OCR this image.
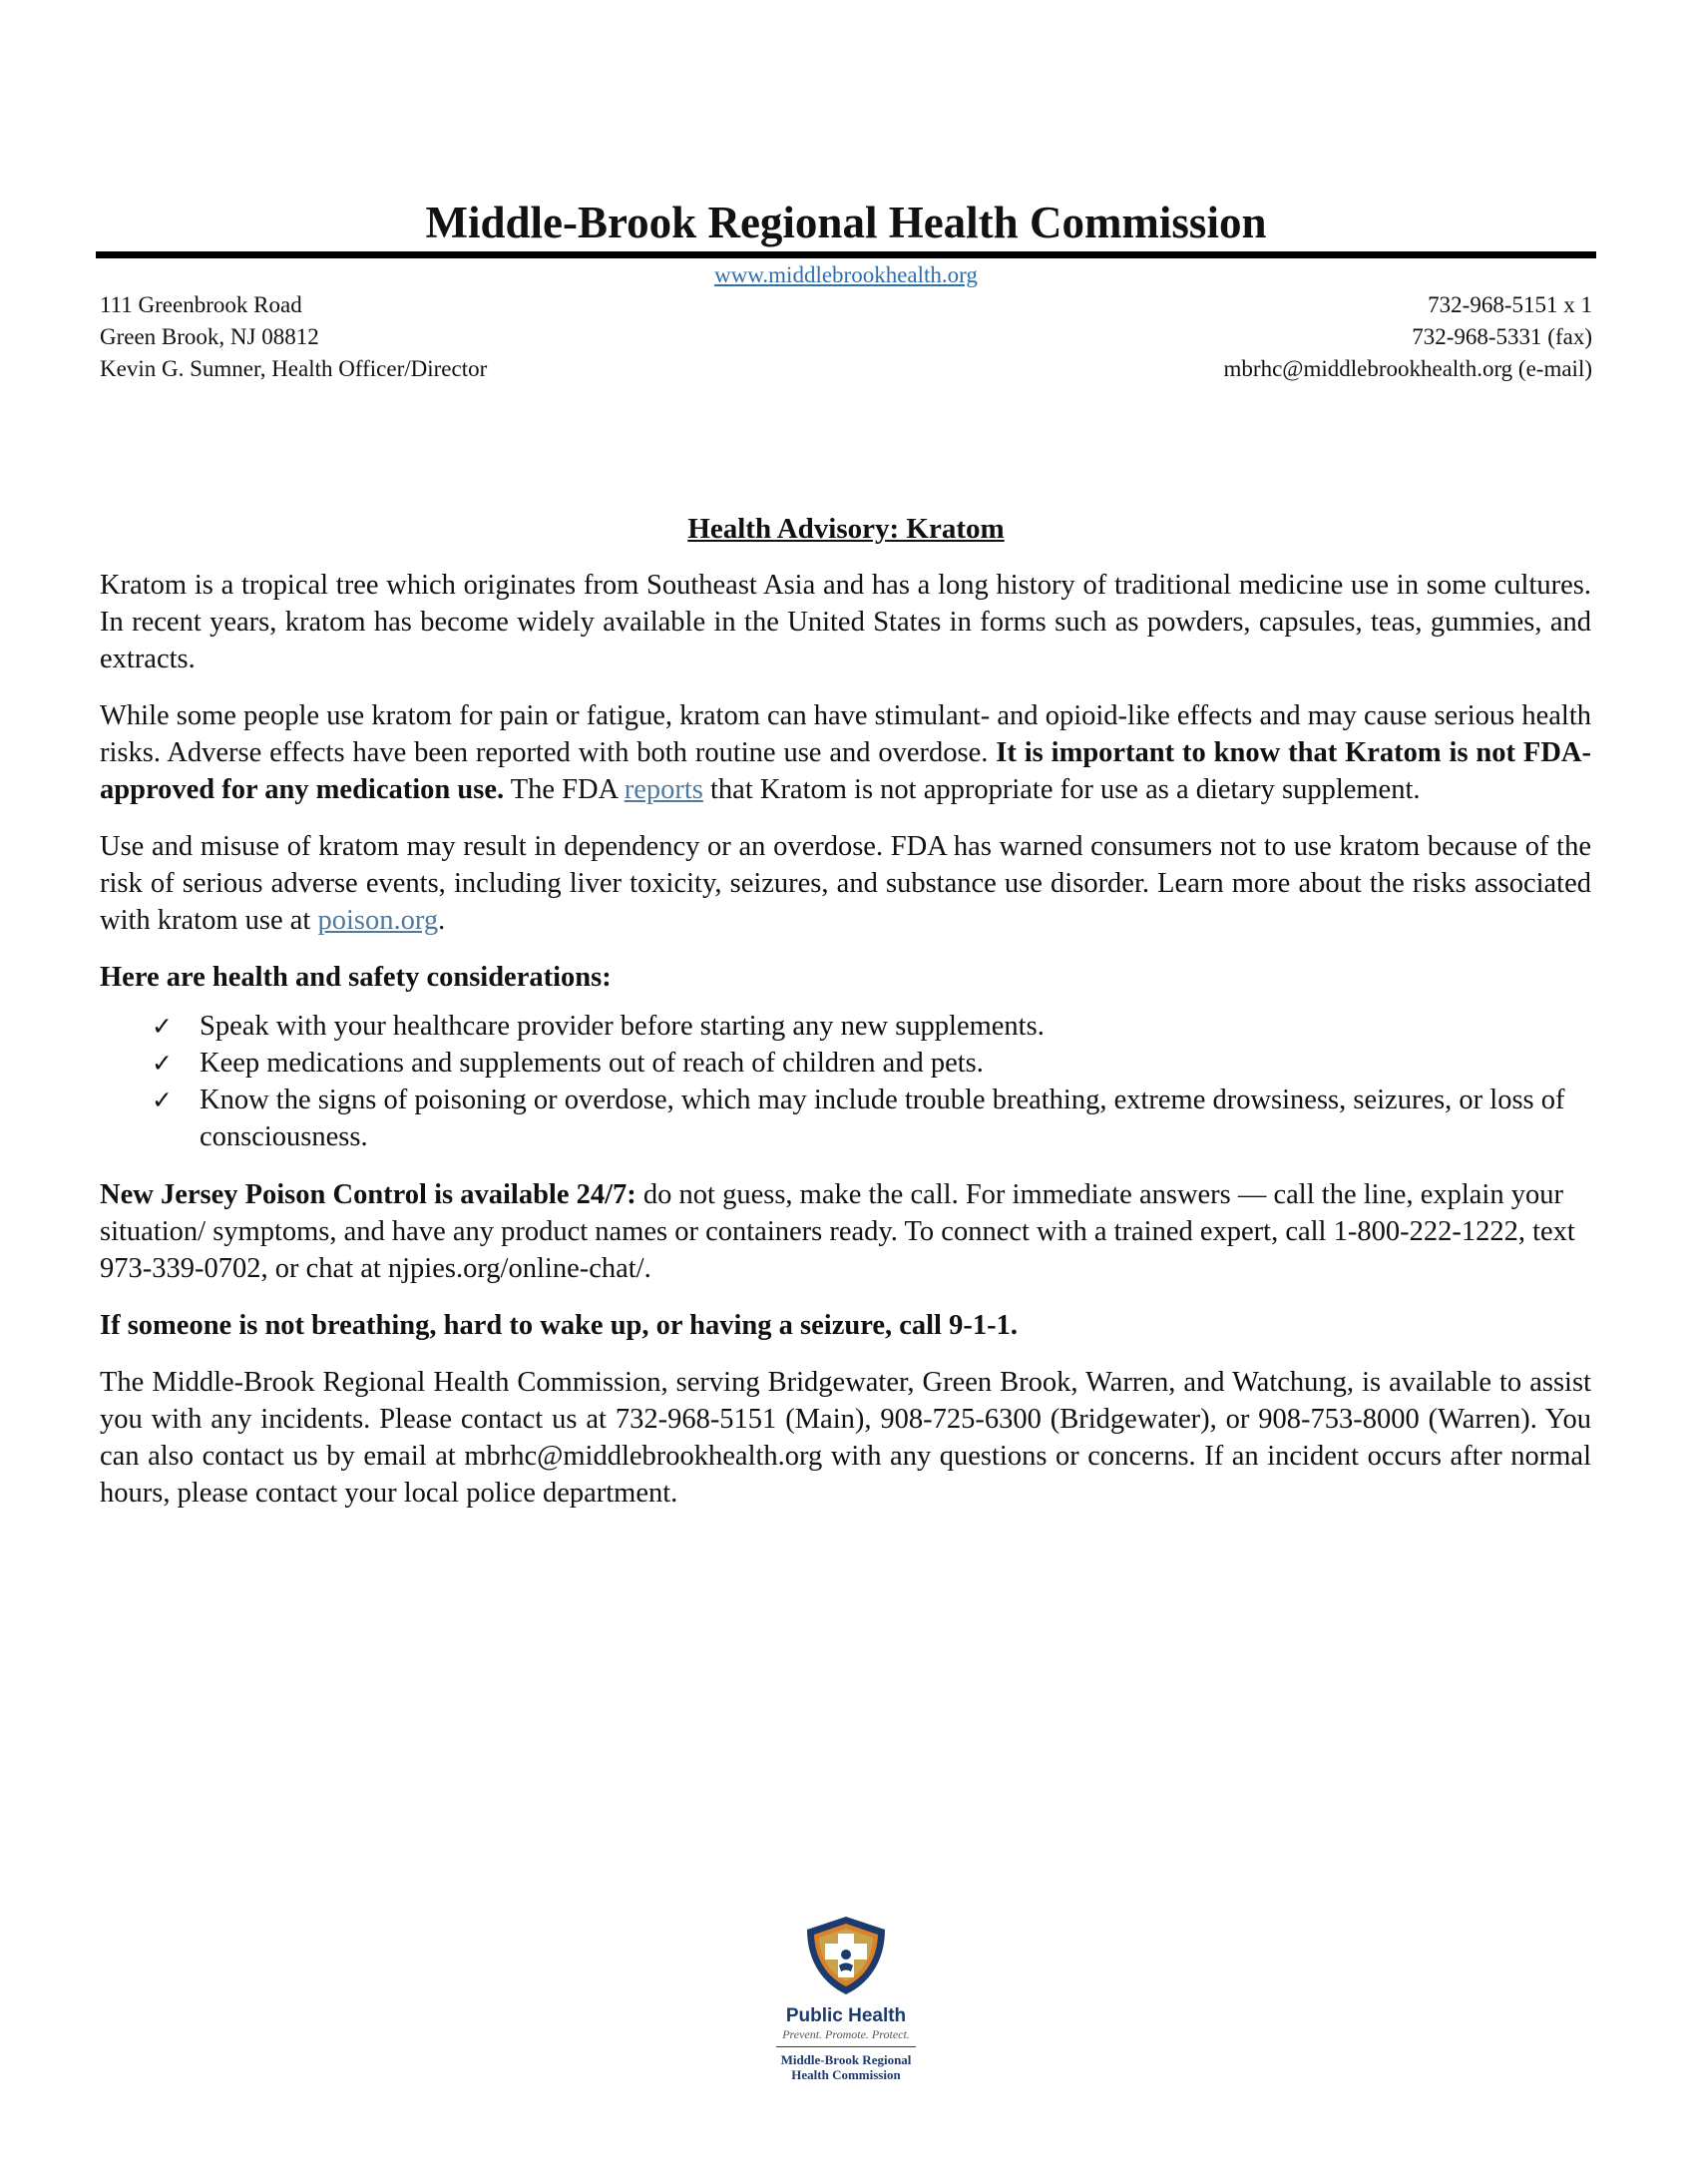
Middle-Brook Regional Health Commission
www.middlebrookhealth.org
111 Greenbrook Road
Green Brook, NJ 08812
Kevin G. Sumner, Health Officer/Director
732-968-5151 x 1
732-968-5331 (fax)
mbrhc@middlebrookhealth.org (e-mail)
Health Advisory: Kratom

Kratom is a tropical tree which originates from Southeast Asia and has a long history of traditional medicine use in some cultures. In recent years, kratom has become widely available in the United States in forms such as powders, capsules, teas, gummies, and extracts.

While some people use kratom for pain or fatigue, kratom can have stimulant- and opioid-like effects and may cause serious health risks. Adverse effects have been reported with both routine use and overdose. It is important to know that Kratom is not FDA-approved for any medication use. The FDA reports that Kratom is not appropriate for use as a dietary supplement.

Use and misuse of kratom may result in dependency or an overdose. FDA has warned consumers not to use kratom because of the risk of serious adverse events, including liver toxicity, seizures, and substance use disorder. Learn more about the risks associated with kratom use at poison.org.

Here are health and safety considerations:

✓ Speak with your healthcare provider before starting any new supplements.
✓ Keep medications and supplements out of reach of children and pets.
✓ Know the signs of poisoning or overdose, which may include trouble breathing, extreme drowsiness, seizures, or loss of consciousness.

New Jersey Poison Control is available 24/7: do not guess, make the call. For immediate answers — call the line, explain your situation/ symptoms, and have any product names or containers ready. To connect with a trained expert, call 1-800-222-1222, text 973-339-0702, or chat at njpies.org/online-chat/.

If someone is not breathing, hard to wake up, or having a seizure, call 9-1-1.

The Middle-Brook Regional Health Commission, serving Bridgewater, Green Brook, Warren, and Watchung, is available to assist you with any incidents. Please contact us at 732-968-5151 (Main), 908-725-6300 (Bridgewater), or 908-753-8000 (Warren). You can also contact us by email at mbrhc@middlebrookhealth.org with any questions or concerns. If an incident occurs after normal hours, please contact your local police department.

Public Health
Prevent. Promote. Protect.
Middle-Brook Regional
Health Commission
